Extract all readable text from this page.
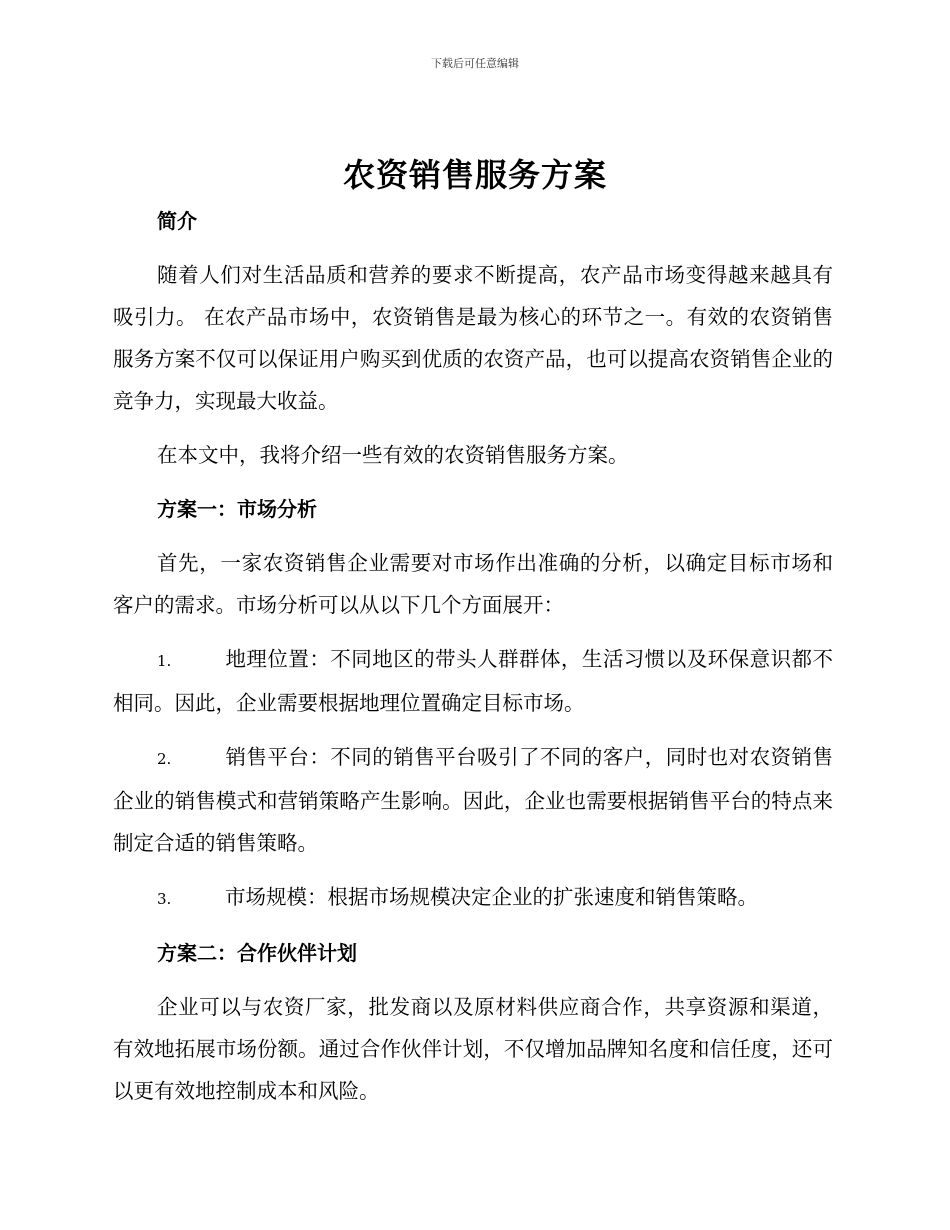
下载后可任意编辑
农资销售服务方案

简介

随着人们对生活品质和营养的要求不断提高，农产品市场变得越来越具有吸引力。 在农产品市场中，农资销售是最为核心的环节之一。有效的农资销售服务方案不仅可以保证用户购买到优质的农资产品，也可以提高农资销售企业的竞争力，实现最大收益。

在本文中，我将介绍一些有效的农资销售服务方案。

方案一：市场分析

首先，一家农资销售企业需要对市场作出准确的分析，以确定目标市场和客户的需求。市场分析可以从以下几个方面展开：

1.	地理位置：不同地区的带头人群群体，生活习惯以及环保意识都不相同。因此，企业需要根据地理位置确定目标市场。

2.	销售平台：不同的销售平台吸引了不同的客户，同时也对农资销售企业的销售模式和营销策略产生影响。因此，企业也需要根据销售平台的特点来制定合适的销售策略。

3.	市场规模：根据市场规模决定企业的扩张速度和销售策略。

方案二：合作伙伴计划

企业可以与农资厂家，批发商以及原材料供应商合作，共享资源和渠道，有效地拓展市场份额。通过合作伙伴计划，不仅增加品牌知名度和信任度，还可以更有效地控制成本和风险。
